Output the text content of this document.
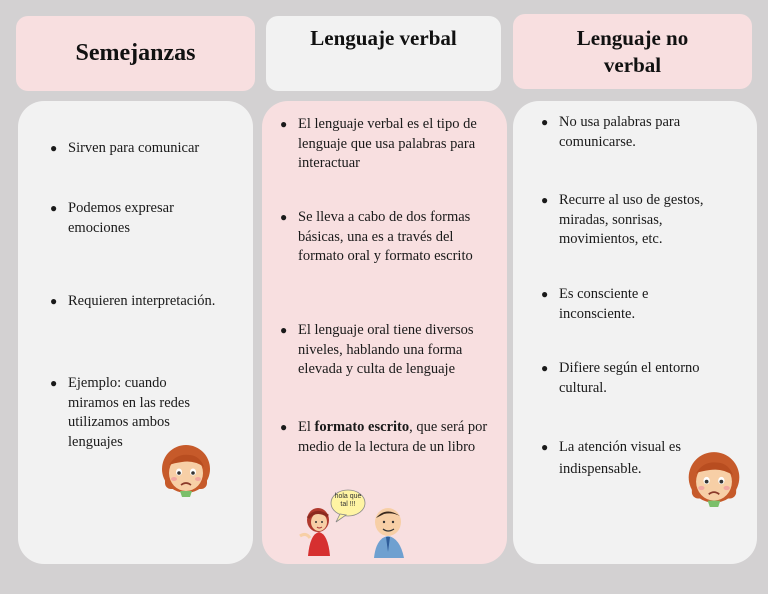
Semejanzas
Lenguaje verbal	Lenguaje no verbal
● Sirven para comunicar
● Podemos expresar emociones
● Requieren interpretación.
● Ejemplo: cuando miramos en las redes utilizamos ambos lenguajes
● El lenguaje verbal es el tipo de lenguaje que usa palabras para interactuar
● Se lleva a cabo de dos formas básicas, una es a través del formato oral y formato escrito
● El lenguaje oral tiene diversos niveles, hablando una forma elevada y culta de lenguaje
● El formato escrito, que será por medio de la lectura de un libro
● No usa palabras para comunicarse.
● Recurre al uso de gestos, miradas, sonrisas, movimientos, etc.
● Es consciente e inconsciente.
● Difiere según el entorno cultural.
● La atención visual es indispensable.
hola que tal !!!
